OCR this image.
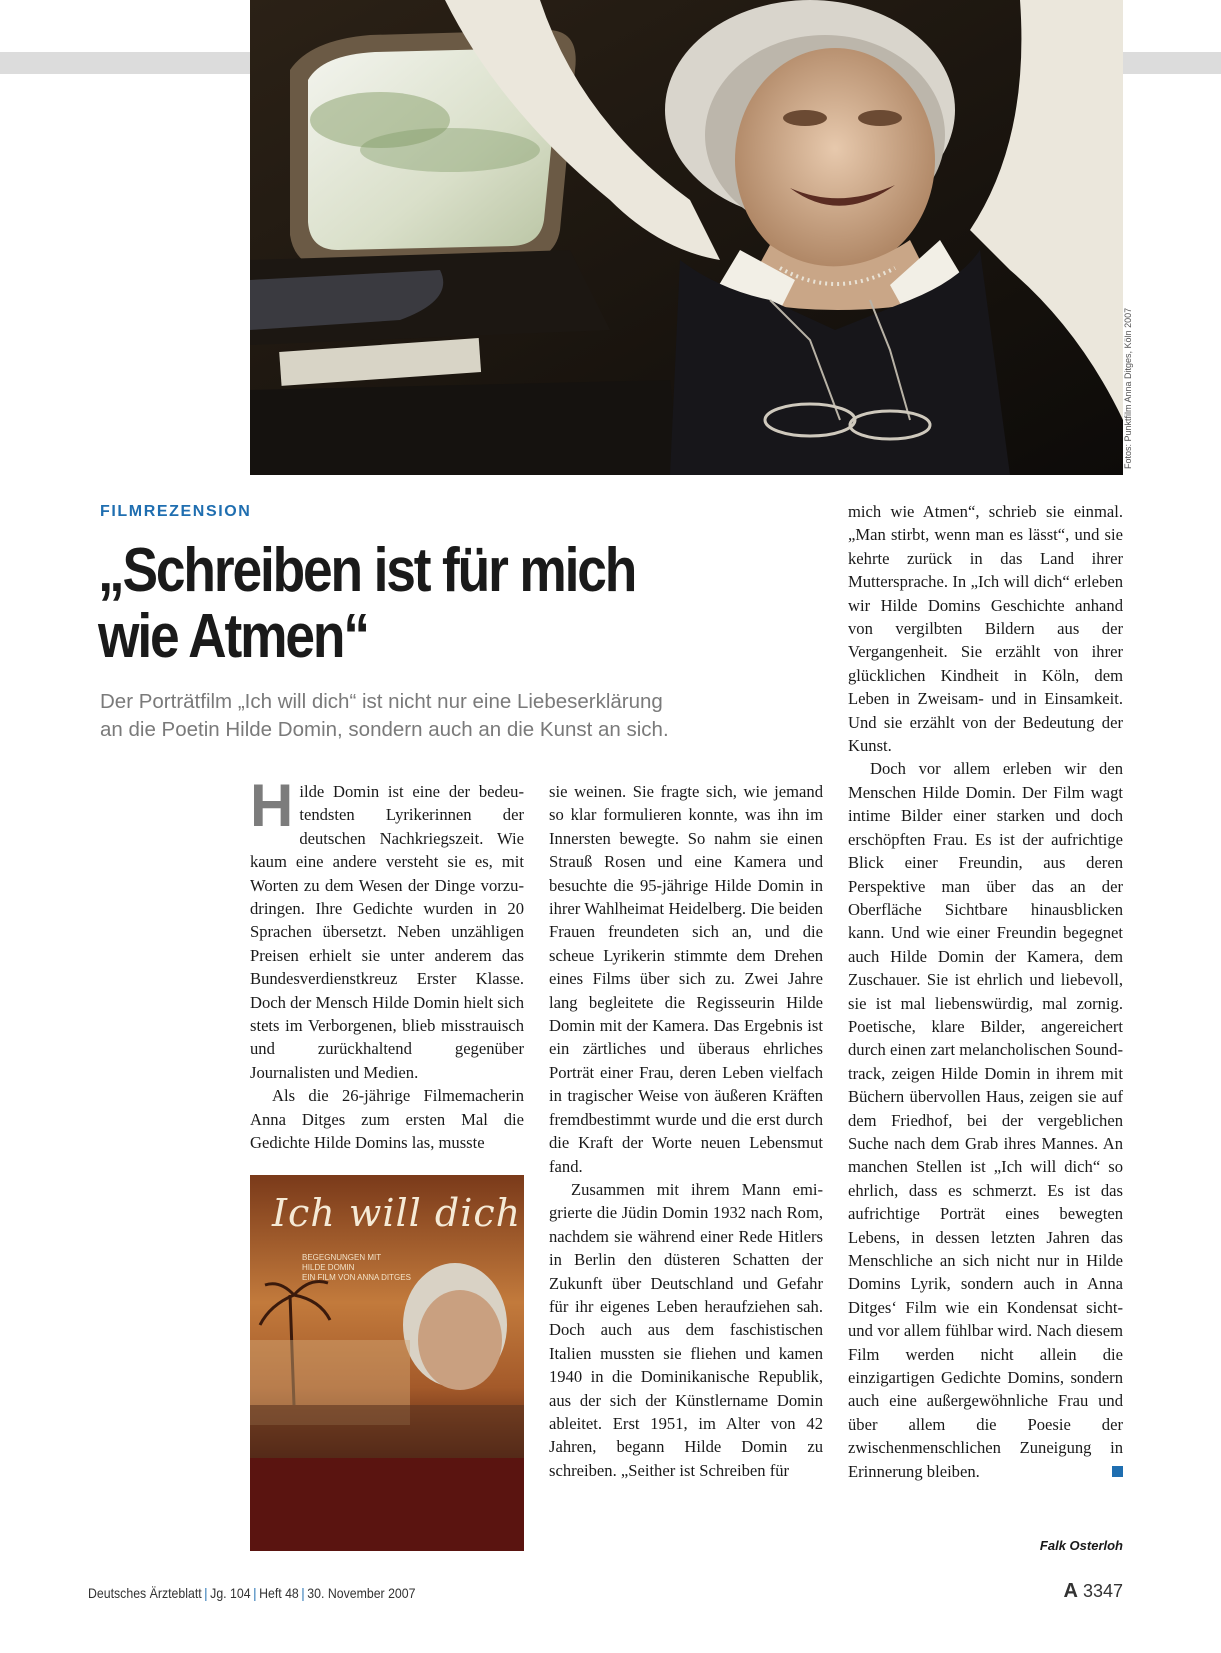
Fotos: Punktfilm Anna Ditges, Köln 2007
FILMREZENSION
„Schreiben ist für mich
wie Atmen“

Der Porträtfilm „Ich will dich“ ist nicht nur eine Liebeserklärung
an die Poetin Hilde Domin, sondern auch an die Kunst an sich.

H ilde Domin ist eine der bedeutendsten Lyrikerinnen der deutschen Nachkriegszeit. Wie kaum eine andere versteht sie es, mit Worten zu dem Wesen der Dinge vorzudringen. Ihre Gedichte wurden in 20 Sprachen übersetzt. Neben unzähligen Preisen erhielt sie unter anderem das Bundesverdienstkreuz Erster Klasse. Doch der Mensch Hilde Domin hielt sich stets im Verborgenen, blieb misstrauisch und zurückhaltend gegenüber Journalisten und Medien.

Als die 26-jährige Filmemacherin Anna Ditges zum ersten Mal die Gedichte Hilde Domins las, musste

Ich will dich
BEGEGNUNGEN MIT
HILDE DOMIN
EIN FILM VON ANNA DITGES

sie weinen. Sie fragte sich, wie jemand so klar formulieren konnte, was ihn im Innersten bewegte. So nahm sie einen Strauß Rosen und eine Kamera und besuchte die 95-jährige Hilde Domin in ihrer Wahlheimat Heidelberg. Die beiden Frauen freundeten sich an, und die scheue Lyrikerin stimmte dem Drehen eines Films über sich zu. Zwei Jahre lang begleitete die Regisseurin Hilde Domin mit der Kamera. Das Ergebnis ist ein zärtliches und überaus ehrliches Porträt einer Frau, deren Leben vielfach in tragischer Weise von äußeren Kräften fremdbestimmt wurde und die erst durch die Kraft der Worte neuen Lebensmut fand.

Zusammen mit ihrem Mann emigrierte die Jüdin Domin 1932 nach Rom, nachdem sie während einer Rede Hitlers in Berlin den düsteren Schatten der Zukunft über Deutschland und Gefahr für ihr eigenes Leben heraufziehen sah. Doch auch aus dem faschistischen Italien mussten sie fliehen und kamen 1940 in die Dominikanische Republik, aus der sich der Künstlername Domin ableitet. Erst 1951, im Alter von 42 Jahren, begann Hilde Domin zu schreiben. „Seither ist Schreiben für

mich wie Atmen“, schrieb sie einmal. „Man stirbt, wenn man es lässt“, und sie kehrte zurück in das Land ihrer Muttersprache. In „Ich will dich“ erleben wir Hilde Domins Geschichte anhand von vergilbten Bildern aus der Vergangenheit. Sie erzählt von ihrer glücklichen Kindheit in Köln, dem Leben in Zweisam- und in Einsamkeit. Und sie erzählt von der Bedeutung der Kunst.

Doch vor allem erleben wir den Menschen Hilde Domin. Der Film wagt intime Bilder einer starken und doch erschöpften Frau. Es ist der aufrichtige Blick einer Freundin, aus deren Perspektive man über das an der Oberfläche Sichtbare hinausblicken kann. Und wie einer Freundin begegnet auch Hilde Domin der Kamera, dem Zuschauer. Sie ist ehrlich und liebevoll, sie ist mal liebenswürdig, mal zornig. Poetische, klare Bilder, angereichert durch einen zart melancholischen Soundtrack, zeigen Hilde Domin in ihrem mit Büchern übervollen Haus, zeigen sie auf dem Friedhof, bei der vergeblichen Suche nach dem Grab ihres Mannes. An manchen Stellen ist „Ich will dich“ so ehrlich, dass es schmerzt. Es ist das aufrichtige Porträt eines bewegten Lebens, in dessen letzten Jahren das Menschliche an sich nicht nur in Hilde Domins Lyrik, sondern auch in Anna Ditges‘ Film wie ein Kondensat sicht- und vor allem fühlbar wird. Nach diesem Film werden nicht allein die einzigartigen Gedichte Domins, sondern auch eine außergewöhnliche Frau und über allem die Poesie der zwischenmenschlichen Zuneigung in Erinnerung bleiben.

Falk Osterloh
Deutsches Ärzteblatt | Jg. 104 | Heft 48 | 30. November 2007	A 3347
